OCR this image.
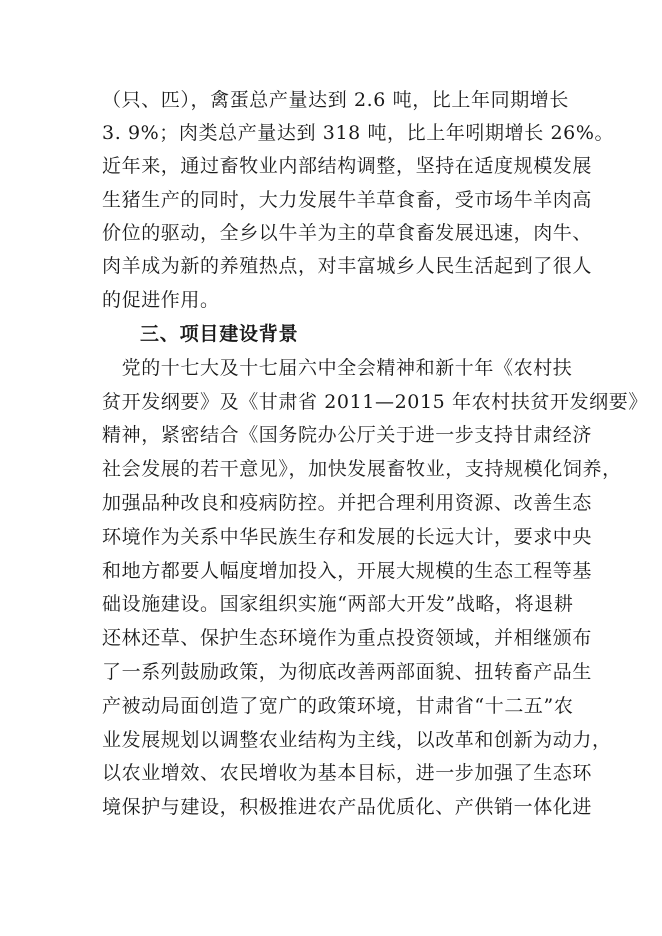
（只、匹），禽蛋总产量达到 2.6 吨，比上年同期增长
3. 9%；肉类总产量达到 318 吨，比上年吲期增长 26%。
近年来，通过畜牧业内部结构调整，坚持在适度规模发展
生猪生产的同时，大力发展牛羊草食畜，受市场牛羊肉高
价位的驱动，全乡以牛羊为主的草食畜发展迅速，肉牛、
肉羊成为新的养殖热点，对丰富城乡人民生活起到了很人
的促进作用。
三、项目建设背景
　党的十七大及十七届六中全会精神和新十年《农村扶
贫开发纲要》及《甘肃省 2011—2015 年农村扶贫开发纲要》
精神，紧密结合《国务院办公厅关于进一步支持甘肃经济
社会发展的若干意见》，加快发展畜牧业，支持规模化饲养，
加强品种改良和疫病防控。并把合理利用资源、改善生态
环境作为关系中华民族生存和发展的长远大计，要求中央
和地方都要人幅度增加投入，开展大规模的生态工程等基
础设施建设。国家组织实施“两部大开发”战略，将退耕
还林还草、保护生态环境作为重点投资领域，并相继颁布
了一系列鼓励政策，为彻底改善两部面貌、扭转畜产品生
产被动局面创造了宽广的政策环境，甘肃省“十二五”农
业发展规划以调整农业结构为主线，以改革和创新为动力，
以农业增效、农民增收为基本目标，进一步加强了生态环
境保护与建设，积极推进农产品优质化、产供销一体化进
